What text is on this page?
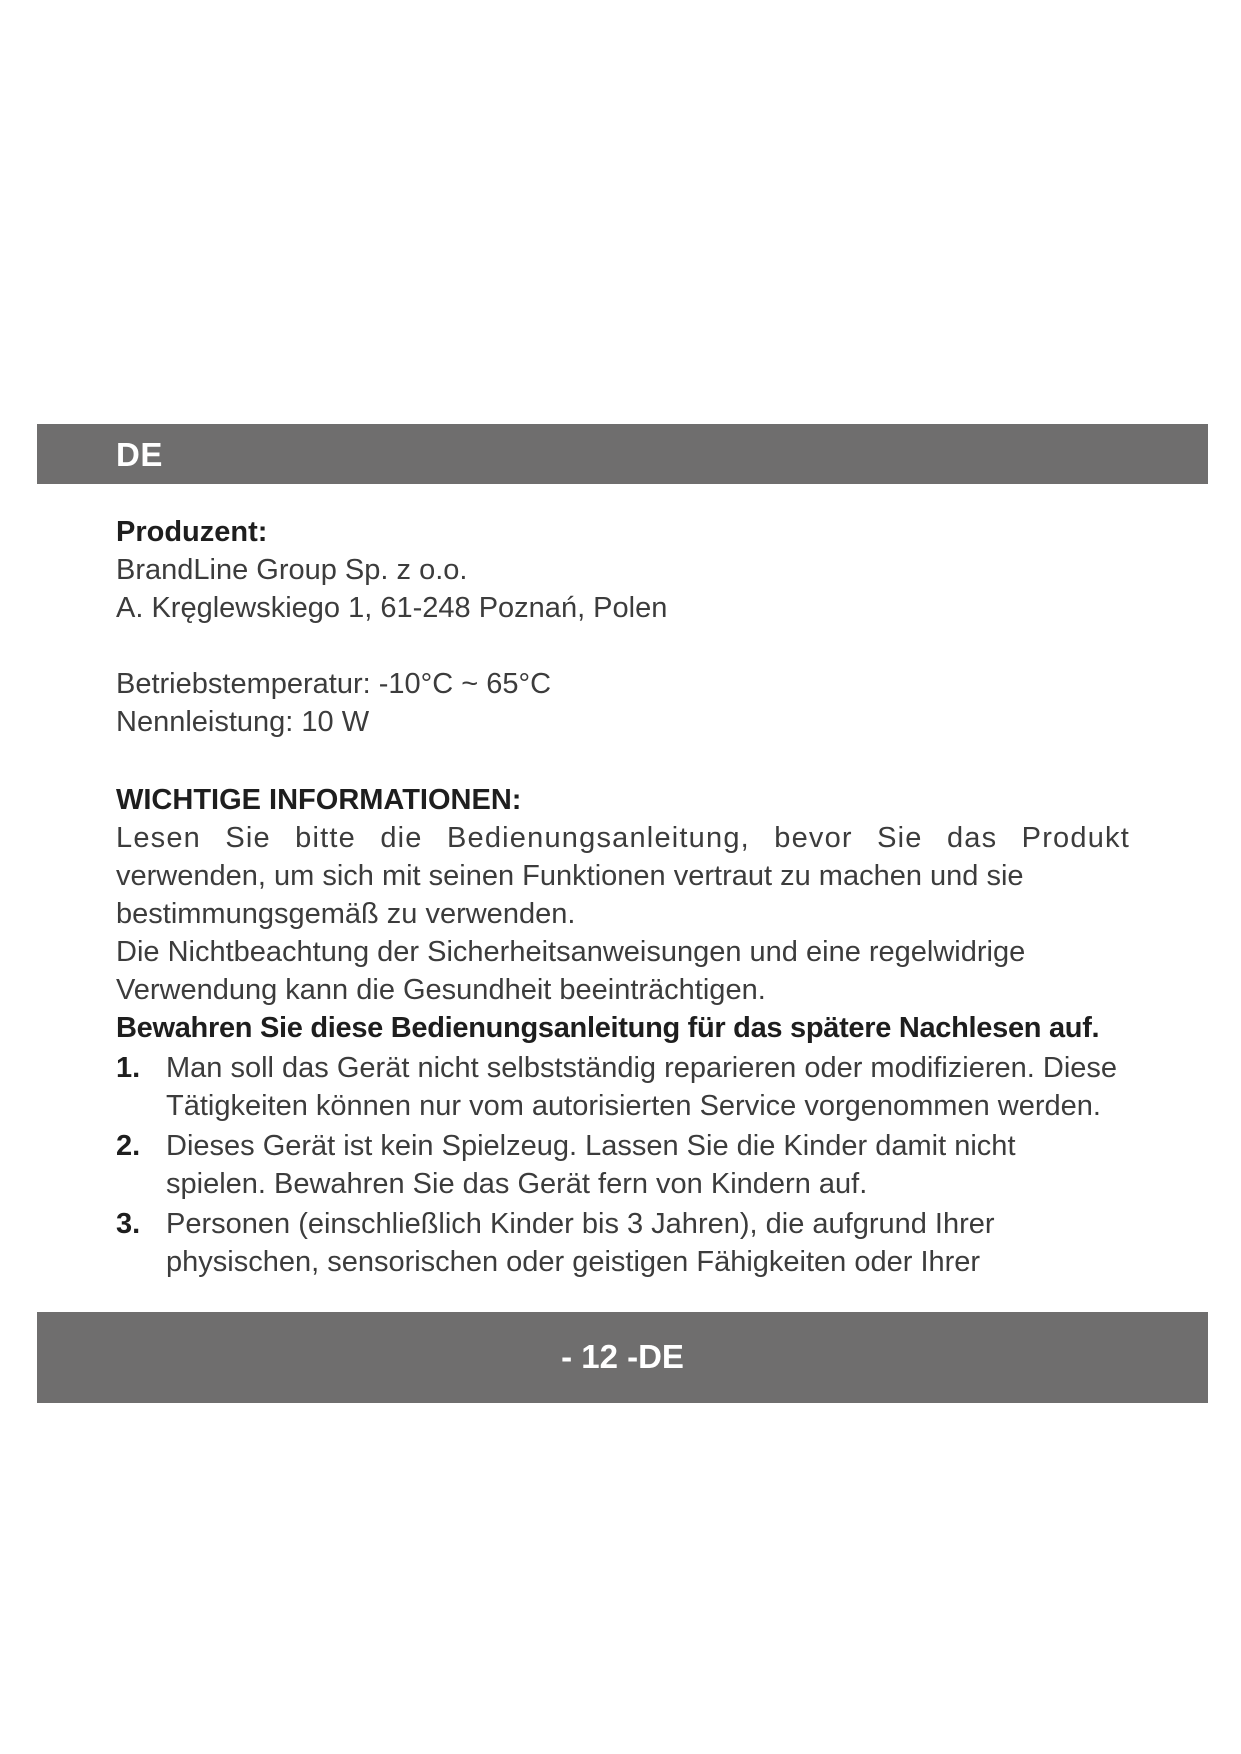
DE

Produzent:

BrandLine Group Sp. z o.o.

A. Kręglewskiego 1, 61-248 Poznań, Polen

Betriebstemperatur: -10°C ~ 65°C

Nennleistung: 10 W

WICHTIGE INFORMATIONEN:

Lesen Sie bitte die Bedienungsanleitung, bevor Sie das Produkt

verwenden, um sich mit seinen Funktionen vertraut zu machen und sie

bestimmungsgemäß zu verwenden.

Die Nichtbeachtung der Sicherheitsanweisungen und eine regelwidrige

Verwendung kann die Gesundheit beeinträchtigen.

Bewahren Sie diese Bedienungsanleitung für das spätere Nachlesen auf.

1. Man soll das Gerät nicht selbstständig reparieren oder modifizieren. Diese

Tätigkeiten können nur vom autorisierten Service vorgenommen werden.

2. Dieses Gerät ist kein Spielzeug. Lassen Sie die Kinder damit nicht

spielen. Bewahren Sie das Gerät fern von Kindern auf.

3. Personen (einschließlich Kinder bis 3 Jahren), die aufgrund Ihrer

physischen, sensorischen oder geistigen Fähigkeiten oder Ihrer

- 12 -DE
